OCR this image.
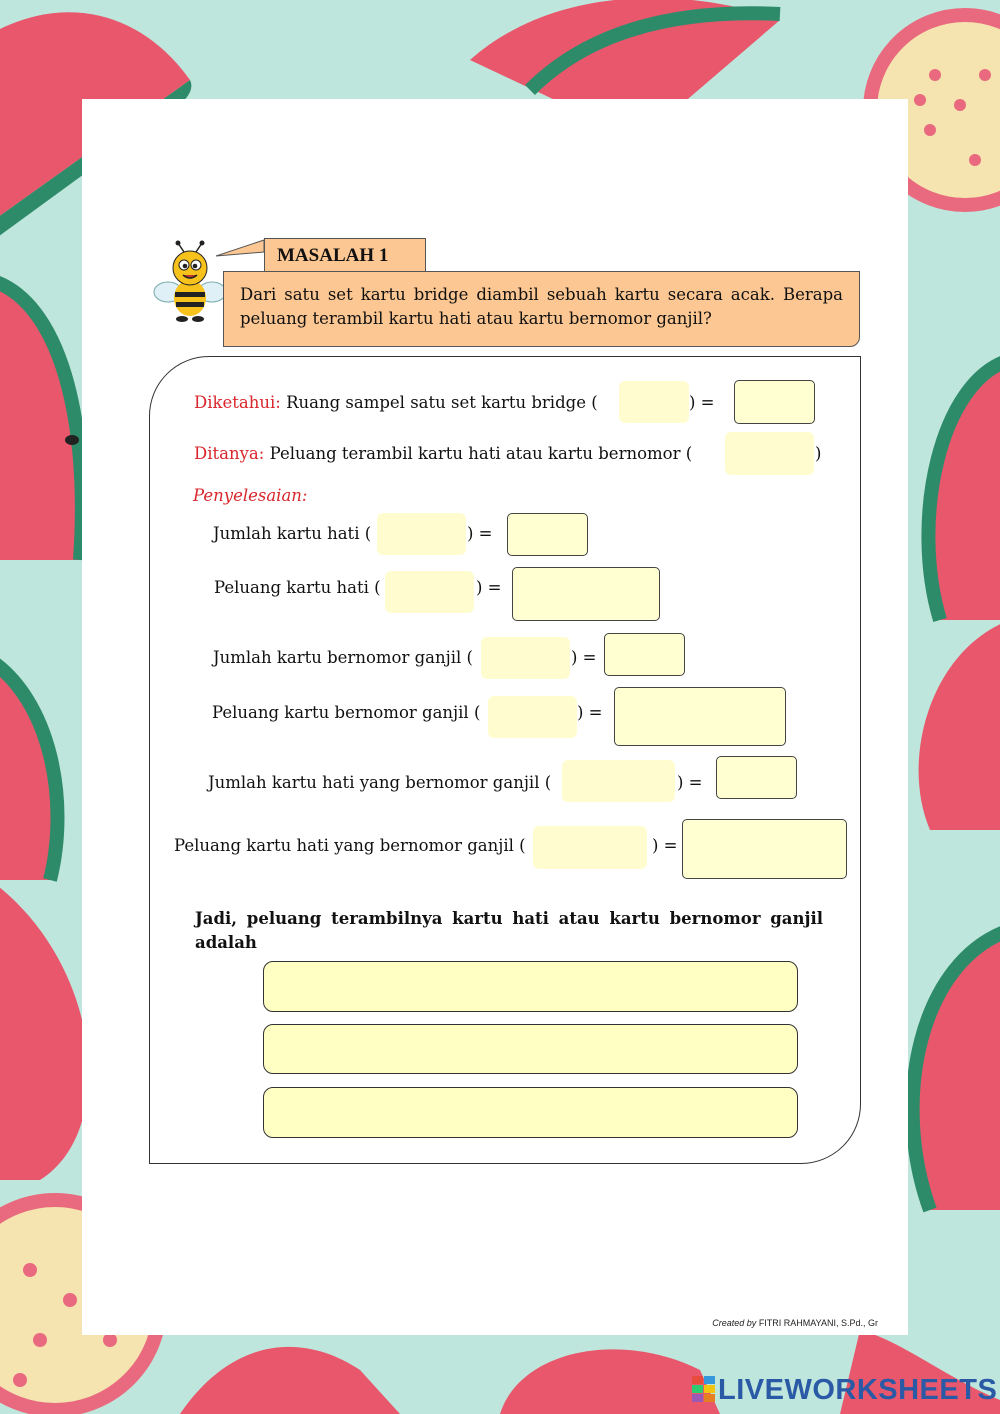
MASALAH 1
Dari satu set kartu bridge diambil sebuah kartu secara acak. Berapa peluang terambil kartu hati atau kartu bernomor ganjil?
Diketahui: Ruang sampel satu set kartu bridge (	) =
Ditanya: Peluang terambil kartu hati atau kartu bernomor (	)
Penyelesaian:
Jumlah kartu hati (	) =
Peluang kartu hati (	) =
Jumlah kartu bernomor ganjil (	) =
Peluang kartu bernomor ganjil (	) =
Jumlah kartu hati yang bernomor ganjil (	) =
Peluang kartu hati yang bernomor ganjil (	) =
Jadi, peluang terambilnya kartu hati atau kartu bernomor ganjil adalah
Created by FITRI RAHMAYANI, S.Pd., Gr
LIVEWORKSHEETS
